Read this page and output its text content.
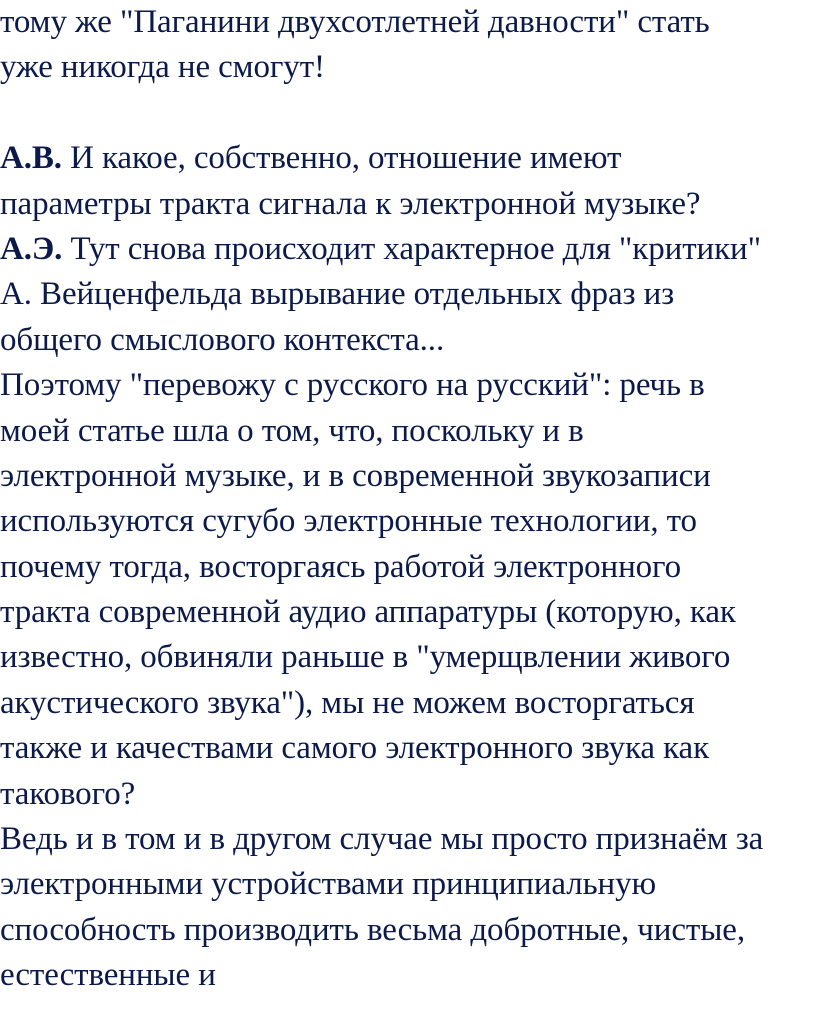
тому же "Паганини двухсотлетней давности" стать
уже никогда не смогут!
А.В. И какое, собственно, отношение имеют
параметры тракта сигнала к электронной музыке?
А.Э. Тут снова происходит характерное для "критики"
А. Вейценфельда вырывание отдельных фраз из
общего смыслового контекста...
Поэтому "перевожу с русского на русский": речь в
моей статье шла о том, что, поскольку и в
электронной музыке, и в современной звукозаписи
используются сугубо электронные технологии, то
почему тогда, восторгаясь работой электронного
тракта современной аудио аппаратуры (которую, как
известно, обвиняли раньше в "умерщвлении живого
акустического звука"), мы не можем восторгаться
также и качествами самого электронного звука как
такового?
Ведь и в том и в другом случае мы просто признаём за
электронными устройствами принципиальную
способность производить весьма добротные, чистые,
естественные и
